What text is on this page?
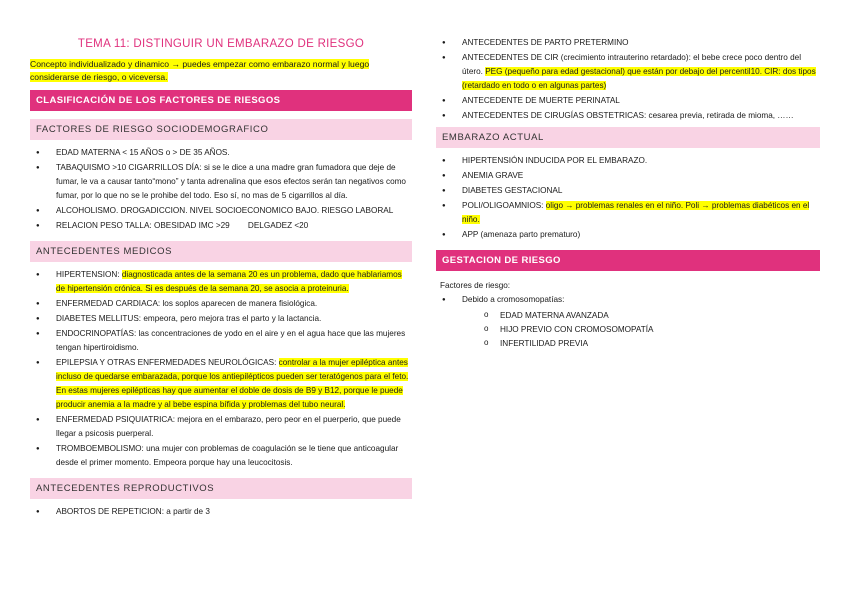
TEMA 11: DISTINGUIR UN EMBARAZO DE RIESGO
Concepto individualizado y dinamico → puedes empezar como embarazo normal y luego considerarse de riesgo, o viceversa.
CLASIFICACIÓN DE LOS FACTORES DE RIESGOS
FACTORES DE RIESGO SOCIODEMOGRAFICO
● EDAD MATERNA < 15 AÑOS o > DE 35 AÑOS.
● TABAQUISMO >10 CIGARRILLOS DÍA: si se le dice a una madre gran fumadora que deje de fumar, le va a causar tanto“mono” y tanta adrenalina que esos efectos serán tan negativos como fumar, por lo que no se le prohibe del todo. Eso sí, no mas de 5 cigarrillos al día.
● ALCOHOLISMO. DROGADICCION. NIVEL SOCIOECONOMICO BAJO. RIESGO LABORAL
● RELACION PESO TALLA: OBESIDAD IMC >29        DELGADEZ <20
ANTECEDENTES MEDICOS
● HIPERTENSION: diagnosticada antes de la semana 20 es un problema, dado que hablariamos de hipertensión crónica. Si es después de la semana 20, se asocia a proteinuria.
● ENFERMEDAD CARDIACA: los soplos aparecen de manera fisiológica.
● DIABETES MELLITUS: empeora, pero mejora tras el parto y la lactancia.
● ENDOCRINOPATÍAS: las concentraciones de yodo en el aire y en el agua hace que las mujeres tengan hipertiroidismo.
● EPILEPSIA Y OTRAS ENFERMEDADES NEUROLÓGICAS: controlar a la mujer epiléptica antes incluso de quedarse embarazada, porque los antiepilépticos pueden ser teratógenos para el feto. En estas mujeres epilépticas hay que aumentar el doble de dosis de B9 y B12, porque le puede producir anemia a la madre y al bebe espina bífida y problemas del tubo neural.
● ENFERMEDAD PSIQUIATRICA: mejora en el embarazo, pero peor en el puerperio, que puede llegar a psicosis puerperal.
● TROMBOEMBOLISMO: una mujer con problemas de coagulación se le tiene que anticoagular desde el primer momento. Empeora porque hay una leucocitosis.
ANTECEDENTES REPRODUCTIVOS
● ABORTOS DE REPETICION: a partir de 3
● ANTECEDENTES DE PARTO PRETERMINO
● ANTECEDENTES DE CIR (crecimiento intrauterino retardado): el bebe crece poco dentro del útero. PEG (pequeño para edad gestacional) que están por debajo del percentil10. CIR: dos tipos (retardado en todo o en algunas partes)
● ANTECEDENTE DE MUERTE PERINATAL
● ANTECEDENTES DE CIRUGÍAS OBSTETRICAS: cesarea previa, retirada de mioma, ……
EMBARAZO ACTUAL
● HIPERTENSIÓN INDUCIDA POR EL EMBARAZO.
● ANEMIA GRAVE
● DIABETES GESTACIONAL
● POLI/OLIGOAMNIOS: oligo → problemas renales en el niño. Poli → problemas diabéticos en el niño.
● APP (amenaza parto prematuro)
GESTACION DE RIESGO
Factores de riesgo:
● Debido a cromosomopatías:
o EDAD MATERNA AVANZADA
o HIJO PREVIO CON CROMOSOMOPATÍA
o INFERTILIDAD PREVIA
